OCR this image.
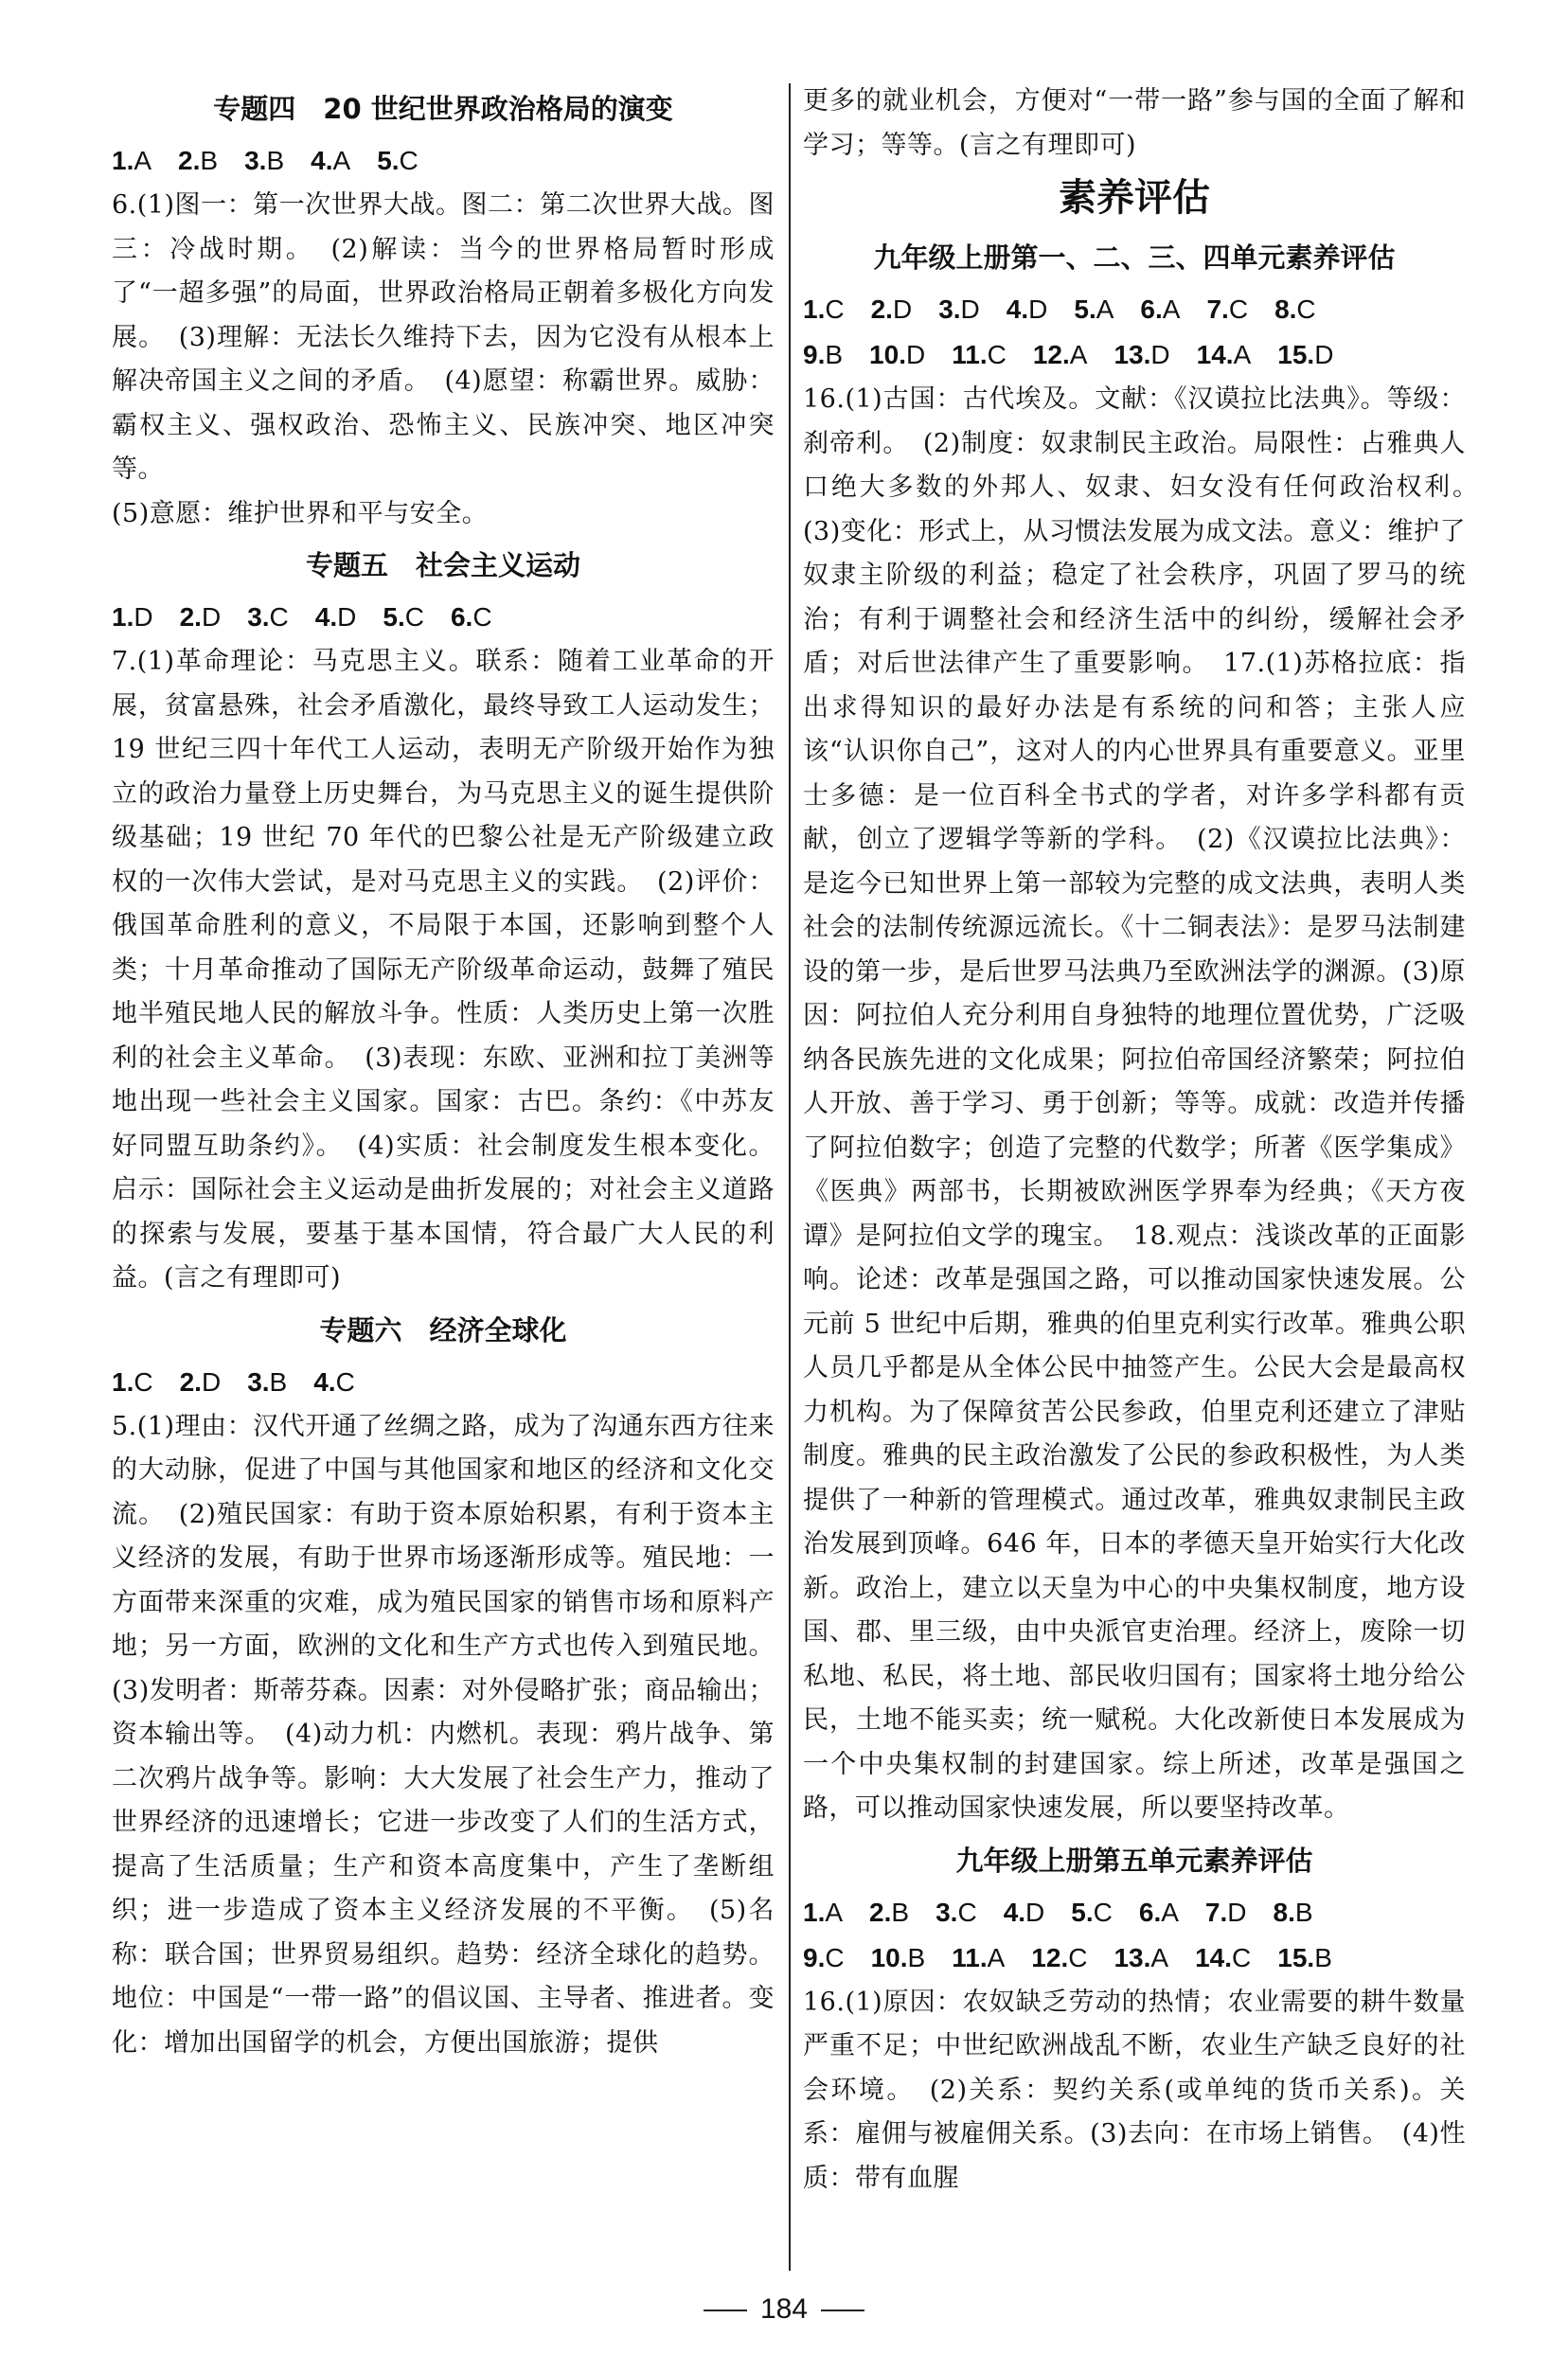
专题四　20 世纪世界政治格局的演变
1.A 2.B 3.B 4.A 5.C
6.(1)图一：第一次世界大战。图二：第二次世界大战。图三：冷战时期。　(2)解读：当今的世界格局暂时形成了“一超多强”的局面，世界政治格局正朝着多极化方向发展。　(3)理解：无法长久维持下去，因为它没有从根本上解决帝国主义之间的矛盾。　(4)愿望：称霸世界。威胁：霸权主义、强权政治、恐怖主义、民族冲突、地区冲突等。
(5)意愿：维护世界和平与安全。
专题五　社会主义运动
1.D 2.D 3.C 4.D 5.C 6.C
7.(1)革命理论：马克思主义。联系：随着工业革命的开展，贫富悬殊，社会矛盾激化，最终导致工人运动发生；19 世纪三四十年代工人运动，表明无产阶级开始作为独立的政治力量登上历史舞台，为马克思主义的诞生提供阶级基础；19 世纪 70 年代的巴黎公社是无产阶级建立政权的一次伟大尝试，是对马克思主义的实践。　(2)评价：俄国革命胜利的意义，不局限于本国，还影响到整个人类；十月革命推动了国际无产阶级革命运动，鼓舞了殖民地半殖民地人民的解放斗争。性质：人类历史上第一次胜利的社会主义革命。　(3)表现：东欧、亚洲和拉丁美洲等地出现一些社会主义国家。国家：古巴。条约：《中苏友好同盟互助条约》。　(4)实质：社会制度发生根本变化。启示：国际社会主义运动是曲折发展的；对社会主义道路的探索与发展，要基于基本国情，符合最广大人民的利益。(言之有理即可)
专题六　经济全球化
1.C 2.D 3.B 4.C
5.(1)理由：汉代开通了丝绸之路，成为了沟通东西方往来的大动脉，促进了中国与其他国家和地区的经济和文化交流。　(2)殖民国家：有助于资本原始积累，有利于资本主义经济的发展，有助于世界市场逐渐形成等。殖民地：一方面带来深重的灾难，成为殖民国家的销售市场和原料产地；另一方面，欧洲的文化和生产方式也传入到殖民地。(3)发明者：斯蒂芬森。因素：对外侵略扩张；商品输出；资本输出等。　(4)动力机：内燃机。表现：鸦片战争、第二次鸦片战争等。影响：大大发展了社会生产力，推动了世界经济的迅速增长；它进一步改变了人们的生活方式，提高了生活质量；生产和资本高度集中，产生了垄断组织；进一步造成了资本主义经济发展的不平衡。　(5)名称：联合国；世界贸易组织。趋势：经济全球化的趋势。地位：中国是“一带一路”的倡议国、主导者、推进者。变化：增加出国留学的机会，方便出国旅游；提供
更多的就业机会，方便对“一带一路”参与国的全面了解和学习；等等。(言之有理即可)
素养评估
九年级上册第一、二、三、四单元素养评估
1.C 2.D 3.D 4.D 5.A 6.A 7.C 8.C
9.B 10.D 11.C 12.A 13.D 14.A 15.D
16.(1)古国：古代埃及。文献：《汉谟拉比法典》。等级：刹帝利。　(2)制度：奴隶制民主政治。局限性：占雅典人口绝大多数的外邦人、奴隶、妇女没有任何政治权利。　(3)变化：形式上，从习惯法发展为成文法。意义：维护了奴隶主阶级的利益；稳定了社会秩序，巩固了罗马的统治；有利于调整社会和经济生活中的纠纷，缓解社会矛盾；对后世法律产生了重要影响。　17.(1)苏格拉底：指出求得知识的最好办法是有系统的问和答；主张人应该“认识你自己”，这对人的内心世界具有重要意义。亚里士多德：是一位百科全书式的学者，对许多学科都有贡献，创立了逻辑学等新的学科。　(2)《汉谟拉比法典》：是迄今已知世界上第一部较为完整的成文法典，表明人类社会的法制传统源远流长。《十二铜表法》：是罗马法制建设的第一步，是后世罗马法典乃至欧洲法学的渊源。(3)原因：阿拉伯人充分利用自身独特的地理位置优势，广泛吸纳各民族先进的文化成果；阿拉伯帝国经济繁荣；阿拉伯人开放、善于学习、勇于创新；等等。成就：改造并传播了阿拉伯数字；创造了完整的代数学；所著《医学集成》《医典》两部书，长期被欧洲医学界奉为经典；《天方夜谭》是阿拉伯文学的瑰宝。　18.观点：浅谈改革的正面影响。论述：改革是强国之路，可以推动国家快速发展。公元前 5 世纪中后期，雅典的伯里克利实行改革。雅典公职人员几乎都是从全体公民中抽签产生。公民大会是最高权力机构。为了保障贫苦公民参政，伯里克利还建立了津贴制度。雅典的民主政治激发了公民的参政积极性，为人类提供了一种新的管理模式。通过改革，雅典奴隶制民主政治发展到顶峰。646 年，日本的孝德天皇开始实行大化改新。政治上，建立以天皇为中心的中央集权制度，地方设国、郡、里三级，由中央派官吏治理。经济上，废除一切私地、私民，将土地、部民收归国有；国家将土地分给公民，土地不能买卖；统一赋税。大化改新使日本发展成为一个中央集权制的封建国家。综上所述，改革是强国之路，可以推动国家快速发展，所以要坚持改革。
九年级上册第五单元素养评估
1.A 2.B 3.C 4.D 5.C 6.A 7.D 8.B
9.C 10.B 11.A 12.C 13.A 14.C 15.B
16.(1)原因：农奴缺乏劳动的热情；农业需要的耕牛数量严重不足；中世纪欧洲战乱不断，农业生产缺乏良好的社会环境。　(2)关系：契约关系(或单纯的货币关系)。关系：雇佣与被雇佣关系。(3)去向：在市场上销售。　(4)性质：带有血腥
184
